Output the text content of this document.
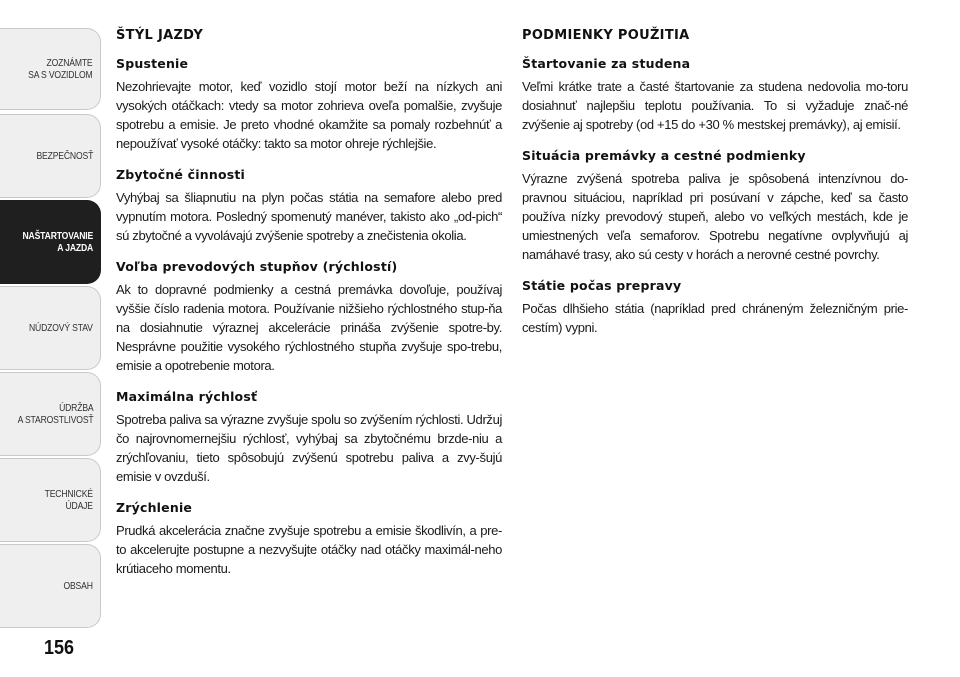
ZOZNÁMTE
SA S VOZIDLOM
BEZPEČNOSŤ
NAŠTARTOVANIE
A JAZDA
NÚDZOVÝ STAV
ÚDRŽBA
A STAROSTLIVOSŤ
TECHNICKÉ
ÚDAJE
OBSAH
156
ŠTÝL JAZDY
Spustenie

Nezohrievajte motor, keď vozidlo stojí motor beží na nízkych ani vysokých otáčkach: vtedy sa motor zohrieva oveľa pomalšie, zvyšuje spotrebu a emisie. Je preto vhodné okamžite sa pomaly rozbehnúť a nepoužívať vysoké otáčky: takto sa motor ohreje rýchlejšie.

Zbytočné činnosti

Vyhýbaj sa šliapnutiu na plyn počas státia na semafore alebo pred vypnutím motora. Posledný spomenutý manéver, takisto ako „od-pich“ sú zbytočné a vyvolávajú zvýšenie spotreby a znečistenia okolia.

Voľba prevodových stupňov (rýchlostí)

Ak to dopravné podmienky a cestná premávka dovoľuje, používaj vyššie číslo radenia motora. Používanie nižšieho rýchlostného stup-ňa na dosiahnutie výraznej akcelerácie prináša zvýšenie spotre-by. Nesprávne použitie vysokého rýchlostného stupňa zvyšuje spo-trebu, emisie a opotrebenie motora.

Maximálna rýchlosť

Spotreba paliva sa výrazne zvyšuje spolu so zvýšením rýchlosti. Udržuj čo najrovnomernejšiu rýchlosť, vyhýbaj sa zbytočnému brzde-niu a zrýchľovaniu, tieto spôsobujú zvýšenú spotrebu paliva a zvy-šujú emisie v ovzduší.

Zrýchlenie

Prudká akcelerácia značne zvyšuje spotrebu a emisie škodlivín, a pre-to akcelerujte postupne a nezvyšujte otáčky nad otáčky maximál-neho krútiaceho momentu.

PODMIENKY POUŽITIA
Štartovanie za studena

Veľmi krátke trate a časté štartovanie za studena nedovolia mo-toru dosiahnuť najlepšiu teplotu používania. To si vyžaduje znač-né zvýšenie aj spotreby (od +15 do +30 % mestskej premávky), aj emisií.

Situácia premávky a cestné podmienky

Výrazne zvýšená spotreba paliva je spôsobená intenzívnou do-pravnou situáciou, napríklad pri posúvaní v zápche, keď sa často používa nízky prevodový stupeň, alebo vo veľkých mestách, kde je umiestnených veľa semaforov. Spotrebu negatívne ovplyvňujú aj namáhavé trasy, ako sú cesty v horách a nerovné cestné povrchy.

Státie počas prepravy

Počas dlhšieho státia (napríklad pred chráneným železničným prie-cestím) vypni.
